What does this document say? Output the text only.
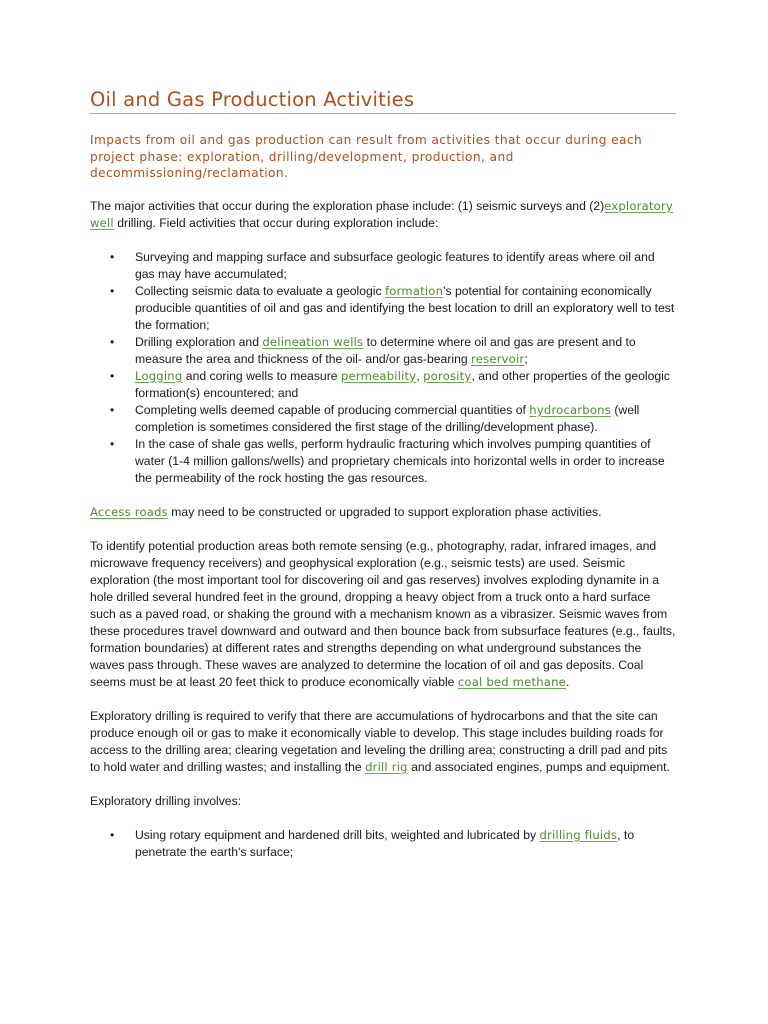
Oil and Gas Production Activities

Impacts from oil and gas production can result from activities that occur during each project phase: exploration, drilling/development, production, and decommissioning/reclamation.

The major activities that occur during the exploration phase include: (1) seismic surveys and (2)exploratory well drilling. Field activities that occur during exploration include:

• Surveying and mapping surface and subsurface geologic features to identify areas where oil and gas may have accumulated;
• Collecting seismic data to evaluate a geologic formation's potential for containing economically producible quantities of oil and gas and identifying the best location to drill an exploratory well to test the formation;
• Drilling exploration and delineation wells to determine where oil and gas are present and to measure the area and thickness of the oil- and/or gas-bearing reservoir;
• Logging and coring wells to measure permeability, porosity, and other properties of the geologic formation(s) encountered; and
• Completing wells deemed capable of producing commercial quantities of hydrocarbons (well completion is sometimes considered the first stage of the drilling/development phase).
• In the case of shale gas wells, perform hydraulic fracturing which involves pumping quantities of water (1-4 million gallons/wells) and proprietary chemicals into horizontal wells in order to increase the permeability of the rock hosting the gas resources.

Access roads may need to be constructed or upgraded to support exploration phase activities.

To identify potential production areas both remote sensing (e.g., photography, radar, infrared images, and microwave frequency receivers) and geophysical exploration (e.g., seismic tests) are used. Seismic exploration (the most important tool for discovering oil and gas reserves) involves exploding dynamite in a hole drilled several hundred feet in the ground, dropping a heavy object from a truck onto a hard surface such as a paved road, or shaking the ground with a mechanism known as a vibrasizer. Seismic waves from these procedures travel downward and outward and then bounce back from subsurface features (e.g., faults, formation boundaries) at different rates and strengths depending on what underground substances the waves pass through. These waves are analyzed to determine the location of oil and gas deposits. Coal seems must be at least 20 feet thick to produce economically viable coal bed methane.

Exploratory drilling is required to verify that there are accumulations of hydrocarbons and that the site can produce enough oil or gas to make it economically viable to develop. This stage includes building roads for access to the drilling area; clearing vegetation and leveling the drilling area; constructing a drill pad and pits to hold water and drilling wastes; and installing the drill rig and associated engines, pumps and equipment.

Exploratory drilling involves:

• Using rotary equipment and hardened drill bits, weighted and lubricated by drilling fluids, to penetrate the earth's surface;
